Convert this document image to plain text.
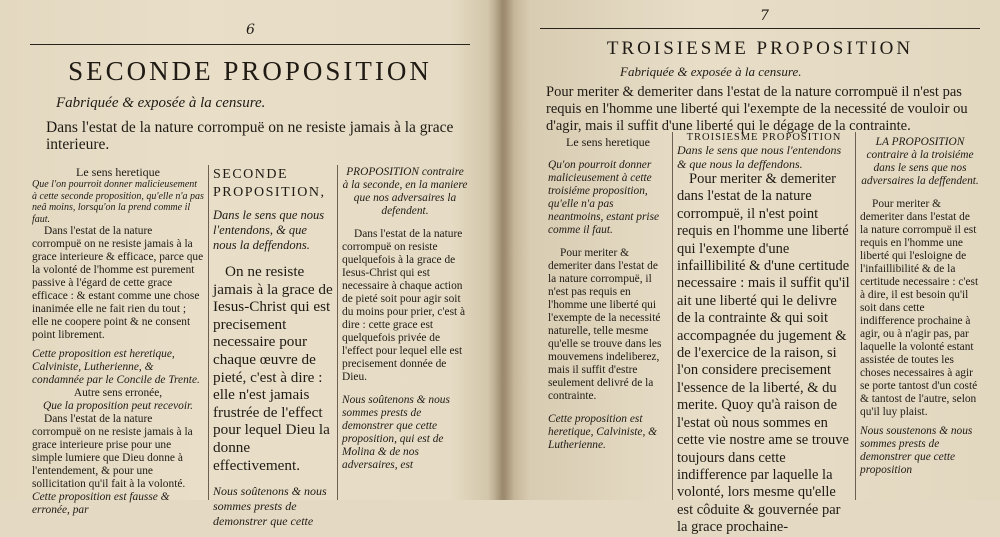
6
SECONDE PROPOSITION
Fabriquée & exposée à la censure.
Dans l'estat de la nature corrompuë on ne resiste jamais à la grace interieure.

Le sens heretique

Que l'on pourroit donner malicieusement à cette seconde proposition, qu'elle n'a pas neâ moins, lorsqu'on la prend comme il faut.

Dans l'estat de la nature corrompuë on ne resiste jamais à la grace interieure & efficace, parce que la volonté de l'homme est purement passive à l'égard de cette grace efficace : & estant comme une chose inanimée elle ne fait rien du tout ; elle ne coopere point & ne consent point librement.

Cette proposition est heretique, Calviniste, Lutherienne, & condamnée par le Concile de Trente.

Autre sens erronée,

Que la proposition peut recevoir.

Dans l'estat de la nature corrompuë on ne resiste jamais à la grace interieure prise pour une simple lumiere que Dieu donne à l'entendement, & pour une sollicitation qu'il fait à la volonté.

Cette proposition est fausse & erronée, par

SECONDE PROPOSITION,

Dans le sens que nous l'entendons, & que nous la deffendons.

On ne resiste jamais à la grace de Iesus-Christ qui est precisement necessaire pour chaque œuvre de pieté, c'est à dire : elle n'est jamais frustrée de l'effect pour lequel Dieu la donne effectivement.

Nous soûtenons & nous sommes prests de demonstrer que cette

PROPOSITION contraire à la seconde, en la maniere que nos adversaires la defendent.

Dans l'estat de la nature corrompuë on resiste quelquefois à la grace de Iesus-Christ qui est necessaire à chaque action de pieté soit pour agir soit du moins pour prier, c'est à dire : cette grace est quelquefois privée de l'effect pour lequel elle est precisement donnée de Dieu.

Nous soûtenons & nous sommes prests de demonstrer que cette proposition, qui est de Molina & de nos adversaires, est

7
TROISIESME PROPOSITION
Fabriquée & exposée à la censure.
Pour meriter & demeriter dans l'estat de la nature corrompuë il n'est pas requis en l'homme une liberté qui l'exempte de la necessité de vouloir ou d'agir, mais il suffit d'une liberté qui le dégage de la contrainte.

Le sens heretique

Qu'on pourroit donner malicieusement à cette troisiéme proposition, qu'elle n'a pas neantmoins, estant prise comme il faut.

Pour meriter & demeriter dans l'estat de la nature corrompuë, il n'est pas requis en l'homme une liberté qui l'exempte de la necessité naturelle, telle mesme qu'elle se trouve dans les mouvemens indeliberez, mais il suffit d'estre seulement delivré de la contrainte.

Cette proposition est heretique, Calviniste, & Lutherienne.

TROISIESME PROPOSITION

Dans le sens que nous l'entendons & que nous la deffendons.

Pour meriter & demeriter dans l'estat de la nature corrompuë, il n'est point requis en l'homme une liberté qui l'exempte d'une infaillibilité & d'une certitude necessaire : mais il suffit qu'il ait une liberté qui le delivre de la contrainte & qui soit accompagnée du jugement & de l'exercice de la raison, si l'on considere precisement l'essence de la liberté, & du merite. Quoy qu'à raison de l'estat où nous sommes en cette vie nostre ame se trouve toujours dans cette indifference par laquelle la volonté, lors mesme qu'elle est côduite & gouvernée par la grace prochaine-

LA PROPOSITION contraire à la troisiéme dans le sens que nos adversaires la deffendent.

Pour meriter & demeriter dans l'estat de la nature corrompuë il est requis en l'homme une liberté qui l'esloigne de l'infaillibilité & de la certitude necessaire : c'est à dire, il est besoin qu'il soit dans cette indifference prochaine à agir, ou à n'agir pas, par laquelle la volonté estant assistée de toutes les choses necessaires à agir se porte tantost d'un costé & tantost de l'autre, selon qu'il luy plaist.

Nous soustenons & nous sommes prests de demonstrer que cette proposition
